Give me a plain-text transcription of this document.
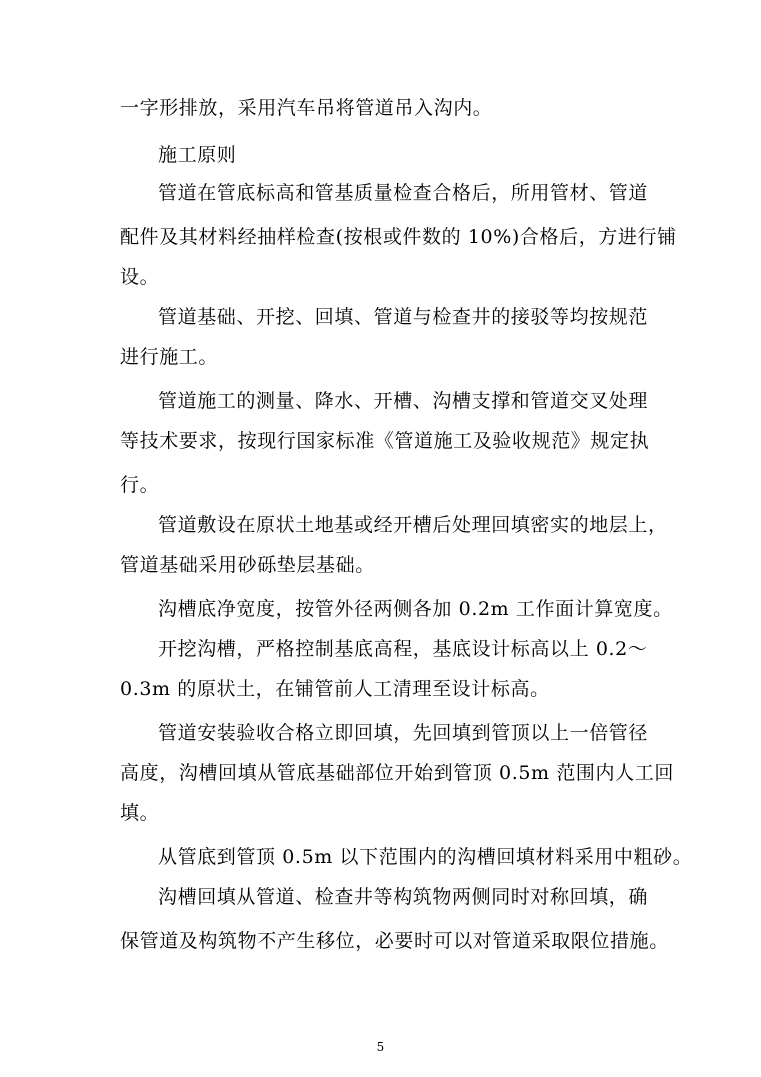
一字形排放，采用汽车吊将管道吊入沟内。
施工原则
管道在管底标高和管基质量检查合格后，所用管材、管道
配件及其材料经抽样检查(按根或件数的 10%)合格后，方进行铺
设。
管道基础、开挖、回填、管道与检查井的接驳等均按规范
进行施工。
管道施工的测量、降水、开槽、沟槽支撑和管道交叉处理
等技术要求，按现行国家标准《管道施工及验收规范》规定执
行。
管道敷设在原状土地基或经开槽后处理回填密实的地层上，
管道基础采用砂砾垫层基础。
沟槽底净宽度，按管外径两侧各加 0.2m 工作面计算宽度。
开挖沟槽，严格控制基底高程，基底设计标高以上 0.2～
0.3m 的原状土，在铺管前人工清理至设计标高。
管道安装验收合格立即回填，先回填到管顶以上一倍管径
高度，沟槽回填从管底基础部位开始到管顶 0.5m 范围内人工回
填。
从管底到管顶 0.5m 以下范围内的沟槽回填材料采用中粗砂。
沟槽回填从管道、检查井等构筑物两侧同时对称回填，确
保管道及构筑物不产生移位，必要时可以对管道采取限位措施。
5
